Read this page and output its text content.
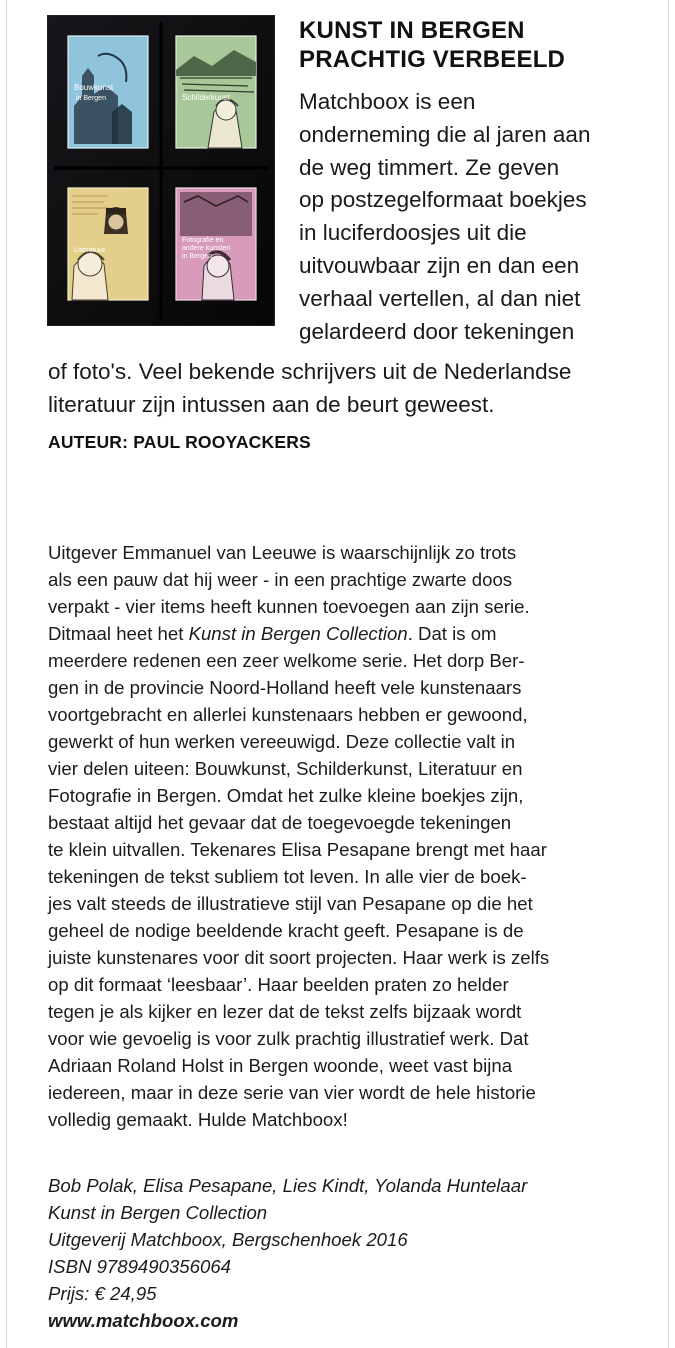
Bouwkunst
in Bergen	Schilderkunst
Literatuur
Fotografie en
andere kunsten
in Bergen
KUNST IN BERGEN
PRACHTIG VERBEELD
Matchboox is een
onderneming die al jaren aan
de weg timmert. Ze geven
op postzegelformaat boekjes
in luciferdoosjes uit die
uitvouwbaar zijn en dan een
verhaal vertellen, al dan niet
gelardeerd door tekeningen
of foto's. Veel bekende schrijvers uit de Nederlandse
literatuur zijn intussen aan de beurt geweest.
AUTEUR: PAUL ROOYACKERS
Uitgever Emmanuel van Leeuwe is waarschijnlijk zo trots
als een pauw dat hij weer - in een prachtige zwarte doos
verpakt - vier items heeft kunnen toevoegen aan zijn serie.
Ditmaal heet het Kunst in Bergen Collection. Dat is om
meerdere redenen een zeer welkome serie. Het dorp Ber-
gen in de provincie Noord-Holland heeft vele kunstenaars
voortgebracht en allerlei kunstenaars hebben er gewoond,
gewerkt of hun werken vereeuwigd. Deze collectie valt in
vier delen uiteen: Bouwkunst, Schilderkunst, Literatuur en
Fotografie in Bergen. Omdat het zulke kleine boekjes zijn,
bestaat altijd het gevaar dat de toegevoegde tekeningen
te klein uitvallen. Tekenares Elisa Pesapane brengt met haar
tekeningen de tekst subliem tot leven. In alle vier de boek-
jes valt steeds de illustratieve stijl van Pesapane op die het
geheel de nodige beeldende kracht geeft. Pesapane is de
juiste kunstenares voor dit soort projecten. Haar werk is zelfs
op dit formaat ‘leesbaar’. Haar beelden praten zo helder
tegen je als kijker en lezer dat de tekst zelfs bijzaak wordt
voor wie gevoelig is voor zulk prachtig illustratief werk. Dat
Adriaan Roland Holst in Bergen woonde, weet vast bijna
iedereen, maar in deze serie van vier wordt de hele historie
volledig gemaakt. Hulde Matchboox!
Bob Polak, Elisa Pesapane, Lies Kindt, Yolanda Huntelaar
Kunst in Bergen Collection
Uitgeverij Matchboox, Bergschenhoek 2016
ISBN 9789490356064
Prijs: € 24,95
www.matchboox.com
